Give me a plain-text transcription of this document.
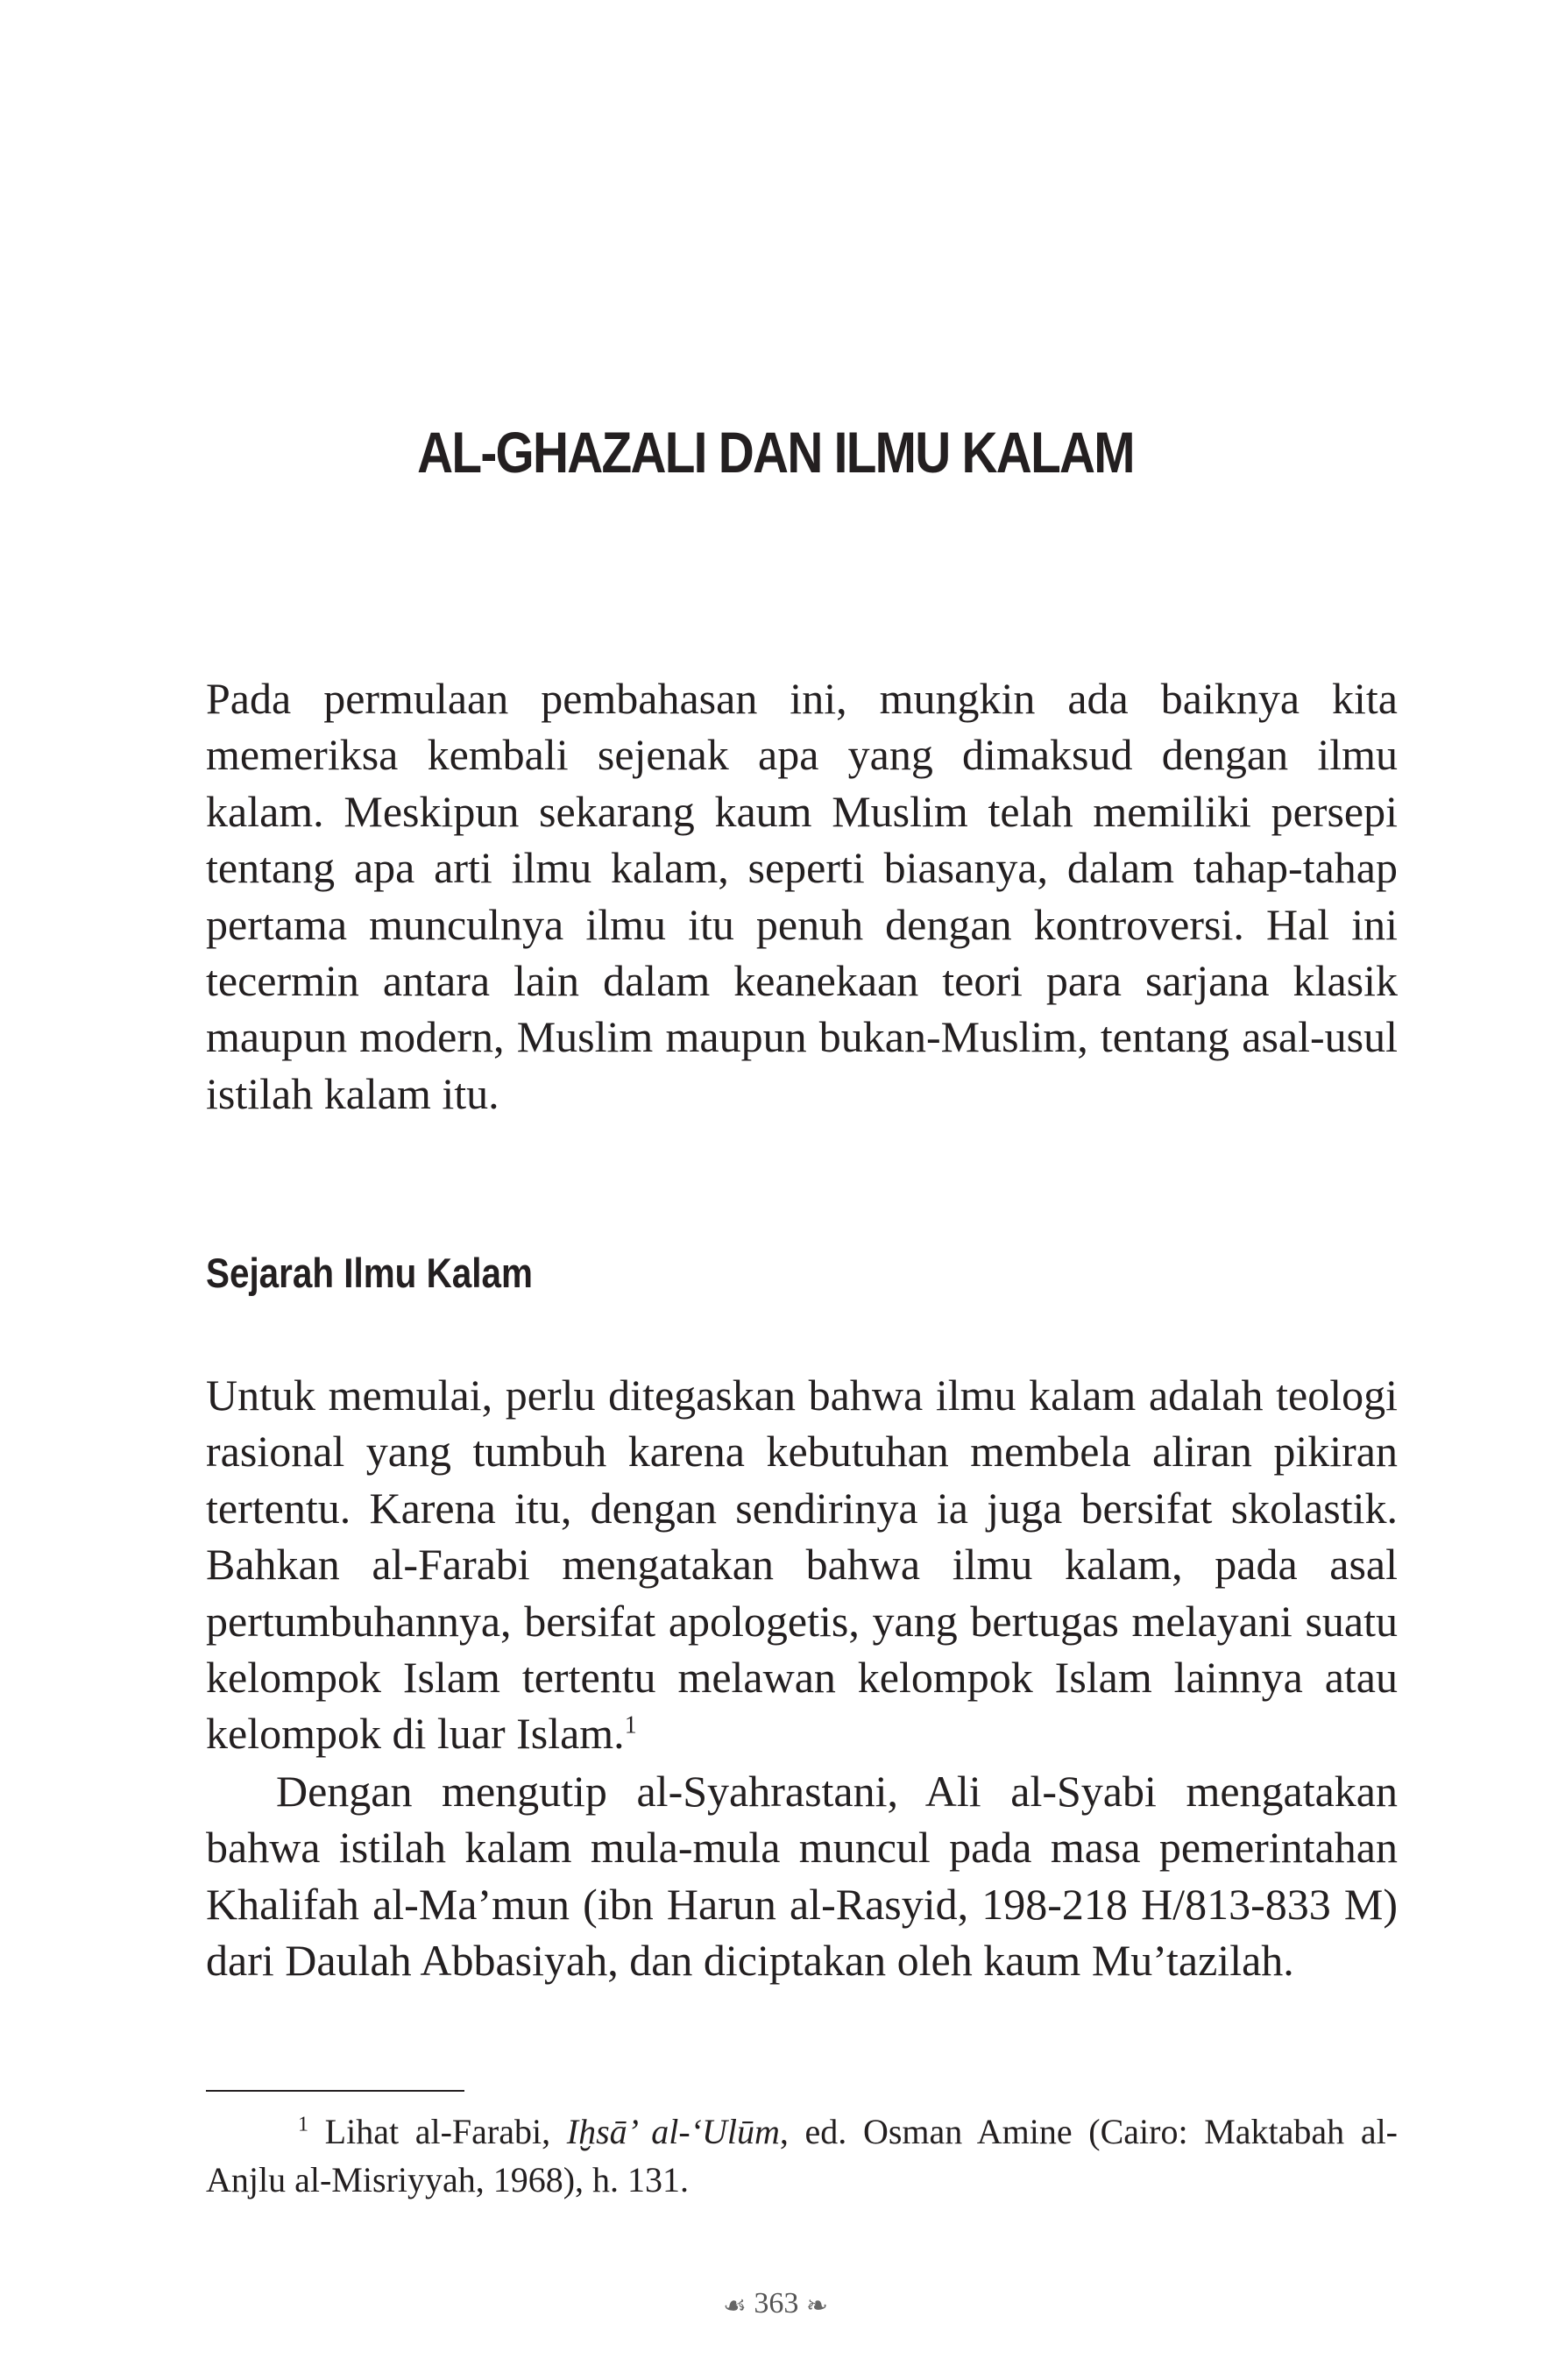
AL-GHAZALI DAN ILMU KALAM

Pada permulaan pembahasan ini, mungkin ada baiknya kita memeriksa kembali sejenak apa yang dimaksud dengan ilmu kalam. Meskipun sekarang kaum Muslim telah memiliki persepi tentang apa arti ilmu kalam, seperti biasanya, dalam tahap-tahap pertama munculnya ilmu itu penuh dengan kontroversi. Hal ini tecermin antara lain dalam keanekaan teori para sarjana klasik maupun modern, Muslim maupun bukan-Muslim, tentang asal-usul istilah kalam itu.

Sejarah Ilmu Kalam

Untuk memulai, perlu ditegaskan bahwa ilmu kalam adalah teologi rasional yang tumbuh karena kebutuhan membela aliran pikiran tertentu. Karena itu, dengan sendirinya ia juga bersifat skolastik. Bahkan al-Farabi mengatakan bahwa ilmu kalam, pada asal pertumbuhannya, bersifat apologetis, yang bertugas melayani suatu kelompok Islam tertentu melawan kelompok Islam lainnya atau kelompok di luar Islam.$^1$

Dengan mengutip al-Syahrastani, Ali al-Syabi mengatakan bahwa istilah kalam mula-mula muncul pada masa pemerintahan Khalifah al-Ma’mun (ibn Harun al-Rasyid, 198-218 H/813-833 M) dari Daulah Abbasiyah, dan diciptakan oleh kaum Mu’tazilah.

$^1$ Lihat al-Farabi, Iḫsā’ al-‘Ulūm, ed. Osman Amine (Cairo: Maktabah al-Anjlu al-Misriyyah, 1968), h. 131.

☙ 363 ❧
